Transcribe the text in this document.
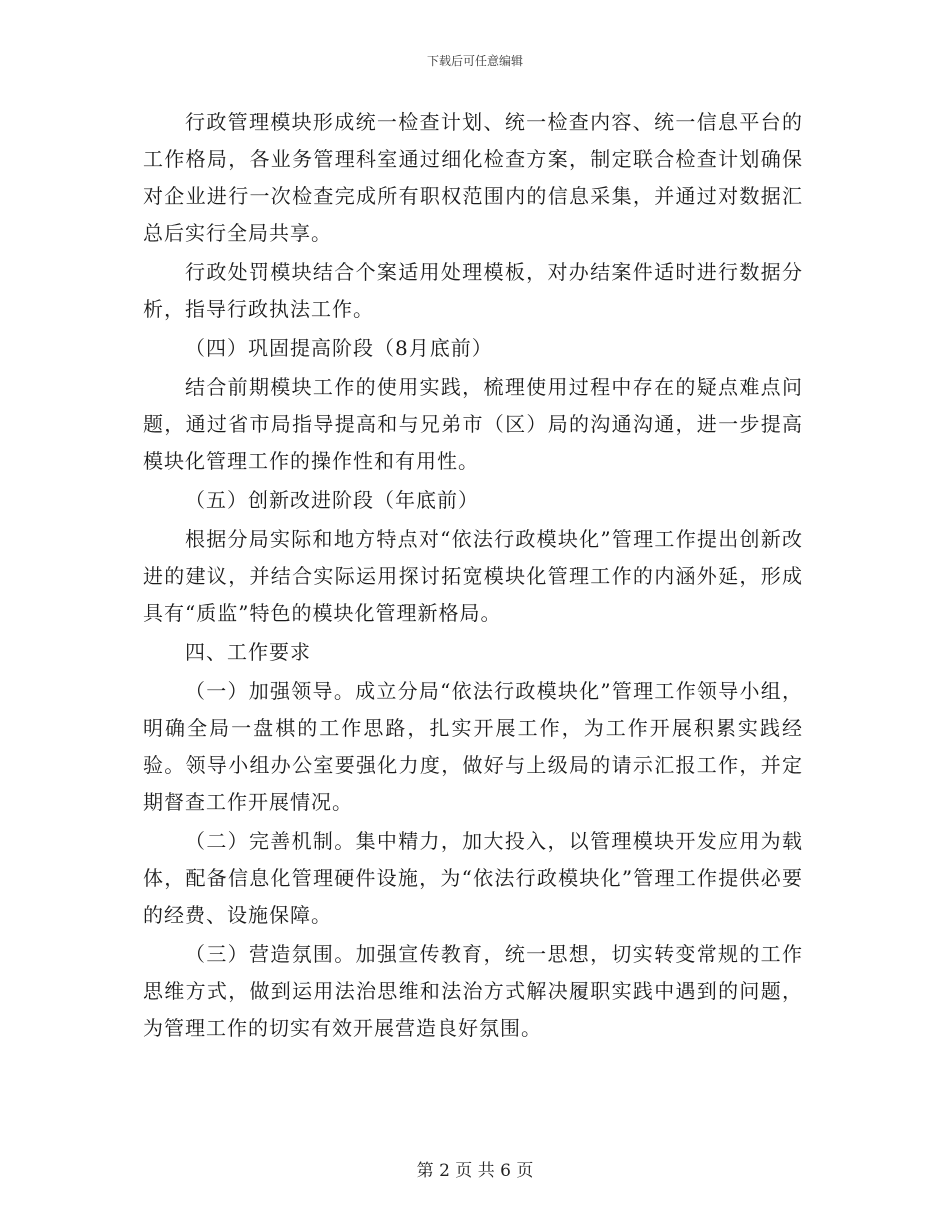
下载后可任意编辑

行政管理模块形成统一检查计划、统一检查内容、统一信息平台的工作格局，各业务管理科室通过细化检查方案，制定联合检查计划确保对企业进行一次检查完成所有职权范围内的信息采集，并通过对数据汇总后实行全局共享。

行政处罚模块结合个案适用处理模板，对办结案件适时进行数据分析，指导行政执法工作。

（四）巩固提高阶段（8月底前）

结合前期模块工作的使用实践，梳理使用过程中存在的疑点难点问题，通过省市局指导提高和与兄弟市（区）局的沟通沟通，进一步提高模块化管理工作的操作性和有用性。

（五）创新改进阶段（年底前）

根据分局实际和地方特点对“依法行政模块化”管理工作提出创新改进的建议，并结合实际运用探讨拓宽模块化管理工作的内涵外延，形成具有“质监”特色的模块化管理新格局。

四、工作要求

（一）加强领导。成立分局“依法行政模块化”管理工作领导小组，明确全局一盘棋的工作思路，扎实开展工作，为工作开展积累实践经验。领导小组办公室要强化力度，做好与上级局的请示汇报工作，并定期督查工作开展情况。

（二）完善机制。集中精力，加大投入，以管理模块开发应用为载体，配备信息化管理硬件设施，为“依法行政模块化”管理工作提供必要的经费、设施保障。

（三）营造氛围。加强宣传教育，统一思想，切实转变常规的工作思维方式，做到运用法治思维和法治方式解决履职实践中遇到的问题，为管理工作的切实有效开展营造良好氛围。

第 2 页 共 6 页
